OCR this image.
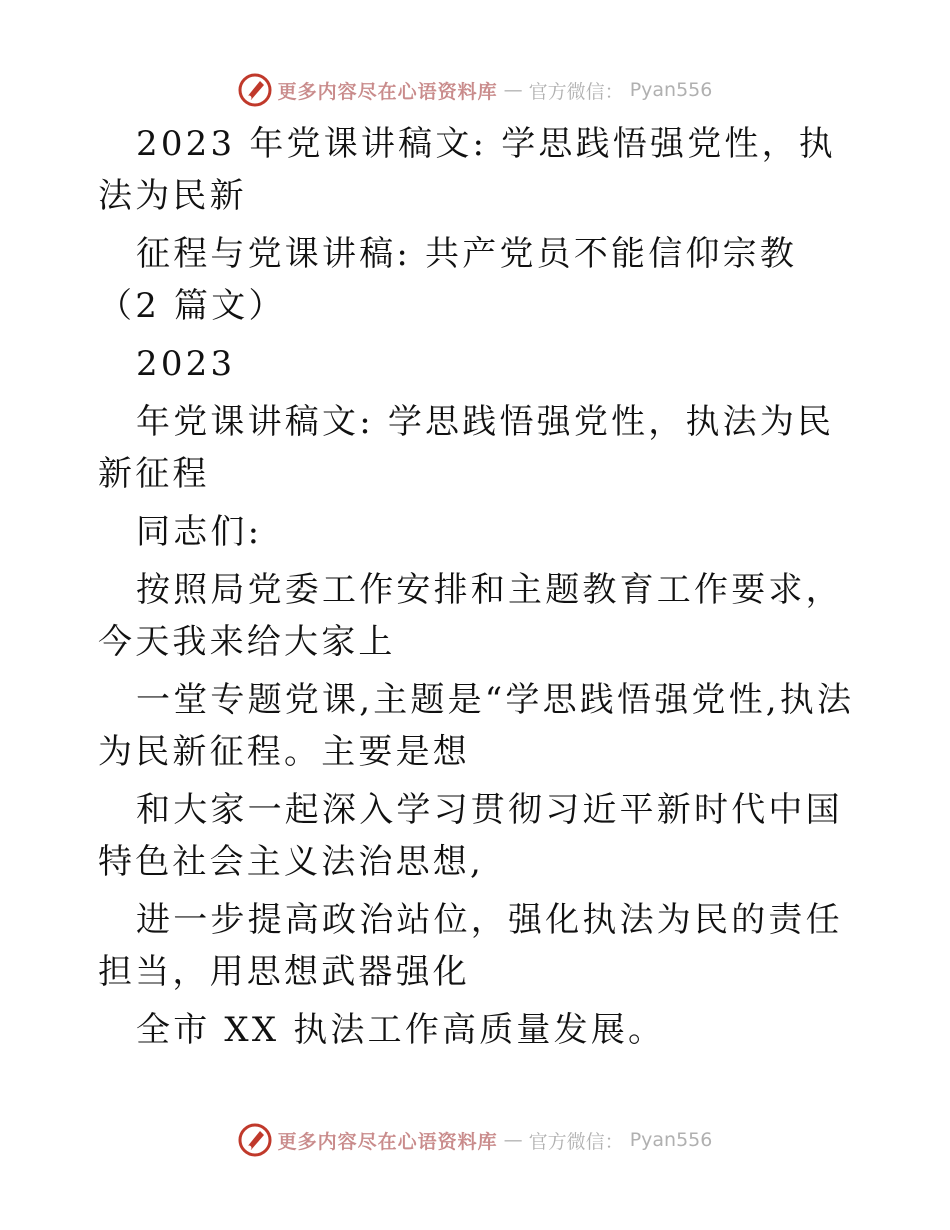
更多内容尽在心语资料库 — 官方微信： Pyan556

2023 年党课讲稿文: 学思践悟强党性，执法为民新

征程与党课讲稿: 共产党员不能信仰宗教（2 篇文）

2023

年党课讲稿文: 学思践悟强党性，执法为民新征程

同志们:

按照局党委工作安排和主题教育工作要求，今天我来给大家上

一堂专题党课,主题是“学思践悟强党性,执法为民新征程。主要是想

和大家一起深入学习贯彻习近平新时代中国特色社会主义法治思想,

进一步提高政治站位，强化执法为民的责任担当，用思想武器强化

全市 XX 执法工作高质量发展。

更多内容尽在心语资料库 — 官方微信： Pyan556
